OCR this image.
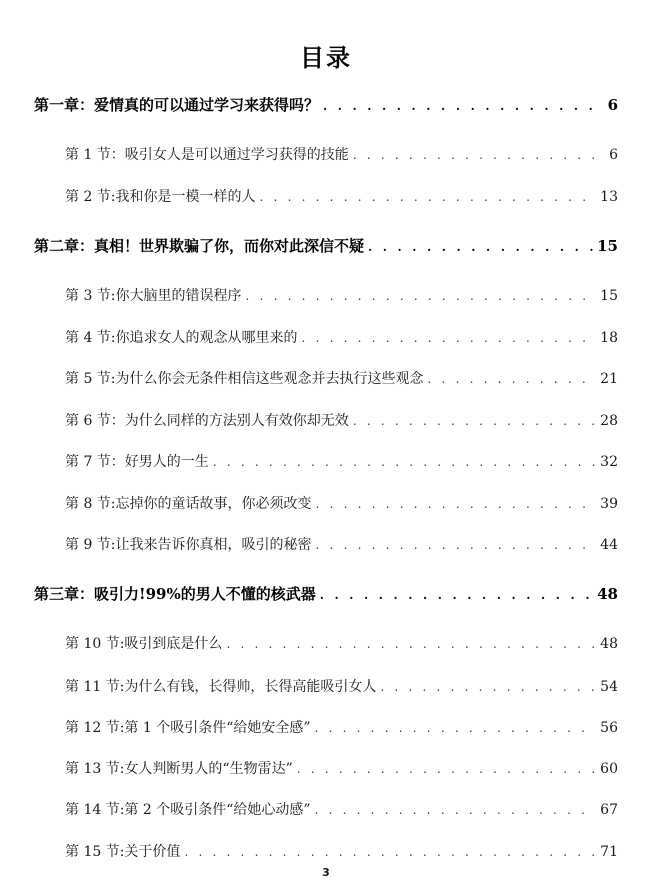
目录
第一章：爱情真的可以通过学习来获得吗？ . . .	6
第 1 节：吸引女人是可以通过学习获得的技能 . . .	6
第 2 节:我和你是一模一样的人 . . .	13
第二章：真相！世界欺骗了你，而你对此深信不疑 . . .	15
第 3 节:你大脑里的错误程序 . . .	15
第 4 节:你追求女人的观念从哪里来的 . . .	18
第 5 节:为什么你会无条件相信这些观念并去执行这些观念 . . .	21
第 6 节：为什么同样的方法别人有效你却无效 . . .	28
第 7 节：好男人的一生 . . .	32
第 8 节:忘掉你的童话故事，你必须改变 . . .	39
第 9 节:让我来告诉你真相，吸引的秘密 . . .	44
第三章：吸引力!99%的男人不懂的核武器 . . .	48
第 10 节:吸引到底是什么 . . .	48
第 11 节:为什么有钱，长得帅，长得高能吸引女人 . . .	54
第 12 节:第 1 个吸引条件“给她安全感” . . .	56
第 13 节:女人判断男人的“生物雷达” . . .	60
第 14 节:第 2 个吸引条件“给她心动感” . . .	67
第 15 节:关于价值 . . .	71
3
